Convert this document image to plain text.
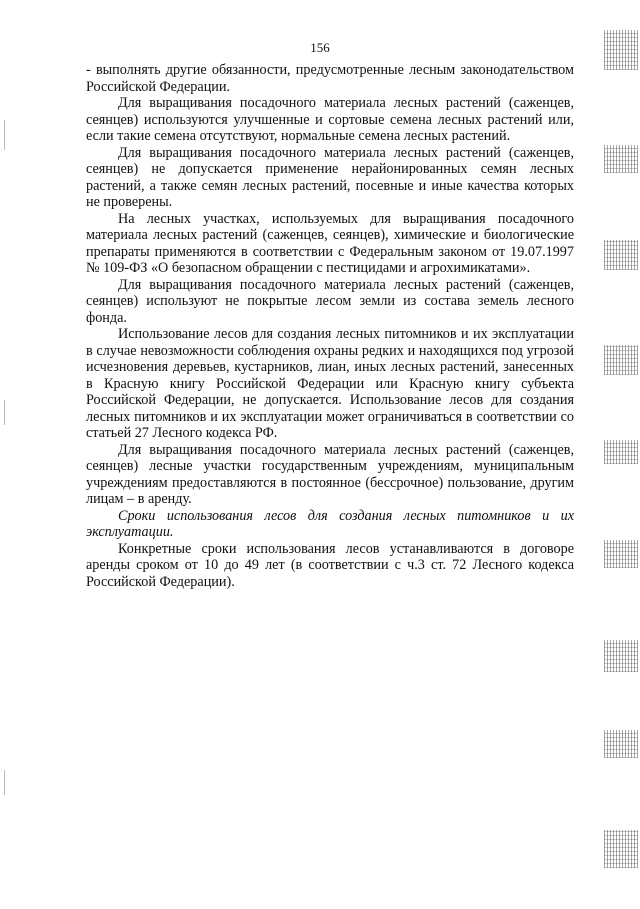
156

- выполнять другие обязанности, предусмотренные лесным законодательством Российской Федерации.

Для выращивания посадочного материала лесных растений (саженцев, сеянцев) используются улучшенные и сортовые семена лесных растений или, если такие семена отсутствуют, нормальные семена лесных растений.

Для выращивания посадочного материала лесных растений (саженцев, сеянцев) не допускается применение нерайонированных семян лесных растений, а также семян лесных растений, посевные и иные качества которых не проверены.

На лесных участках, используемых для выращивания посадочного материала лесных растений (саженцев, сеянцев), химические и биологические препараты применяются в соответствии с Федеральным законом от 19.07.1997 № 109-ФЗ «О безопасном обращении с пестицидами и агрохимикатами».

Для выращивания посадочного материала лесных растений (саженцев, сеянцев) используют не покрытые лесом земли из состава земель лесного фонда.

Использование лесов для создания лесных питомников и их эксплуатации в случае невозможности соблюдения охраны редких и находящихся под угрозой исчезновения деревьев, кустарников, лиан, иных лесных растений, занесенных в Красную книгу Российской Федерации или Красную книгу субъекта Российской Федерации, не допускается. Использование лесов для создания лесных питомников и их эксплуатации может ограничиваться в соответствии со статьей 27 Лесного кодекса РФ.

Для выращивания посадочного материала лесных растений (саженцев, сеянцев) лесные участки государственным учреждениям, муниципальным учреждениям предоставляются в постоянное (бессрочное) пользование, другим лицам – в аренду.

Сроки использования лесов для создания лесных питомников и их эксплуатации.

Конкретные сроки использования лесов устанавливаются в договоре аренды сроком от 10 до 49 лет (в соответствии с ч.3 ст. 72 Лесного кодекса Российской Федерации).
